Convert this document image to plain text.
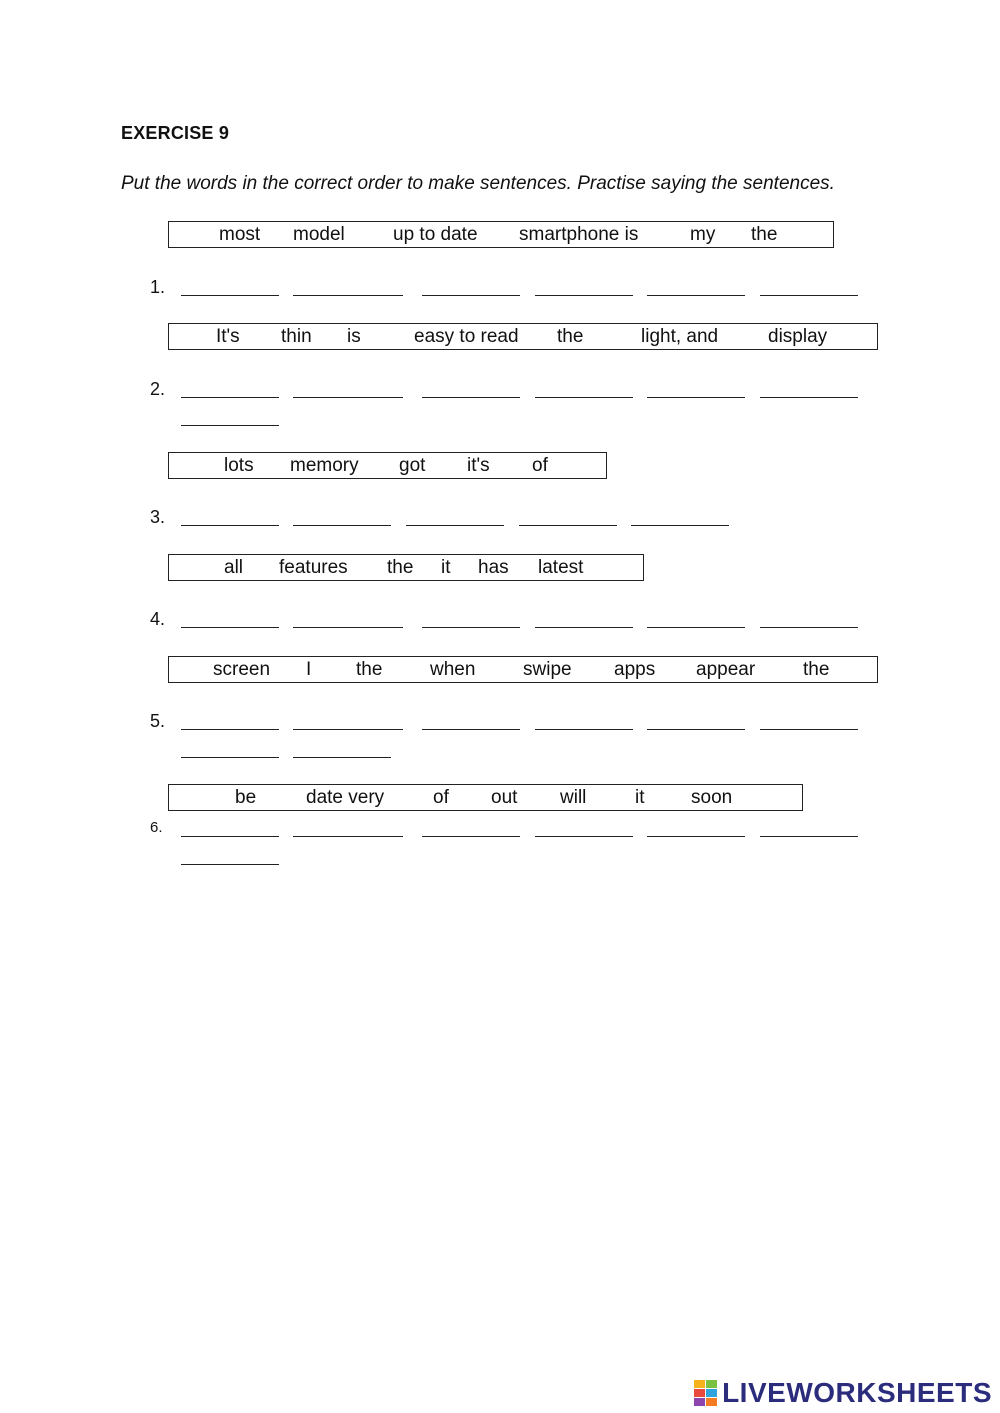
EXERCISE 9
Put the words in the correct order to make sentences. Practise saying the sentences.
most model	up to date smartphone is	my the
1.
It's thin is	easy to read the	light, and	display
2.
lots memory got it's of
3.
all features the it has latest
4.
screen I the	when	swipe apps appear	the
5.
be	date very	of out will	it soon
6.
LIVEWORKSHEETS
